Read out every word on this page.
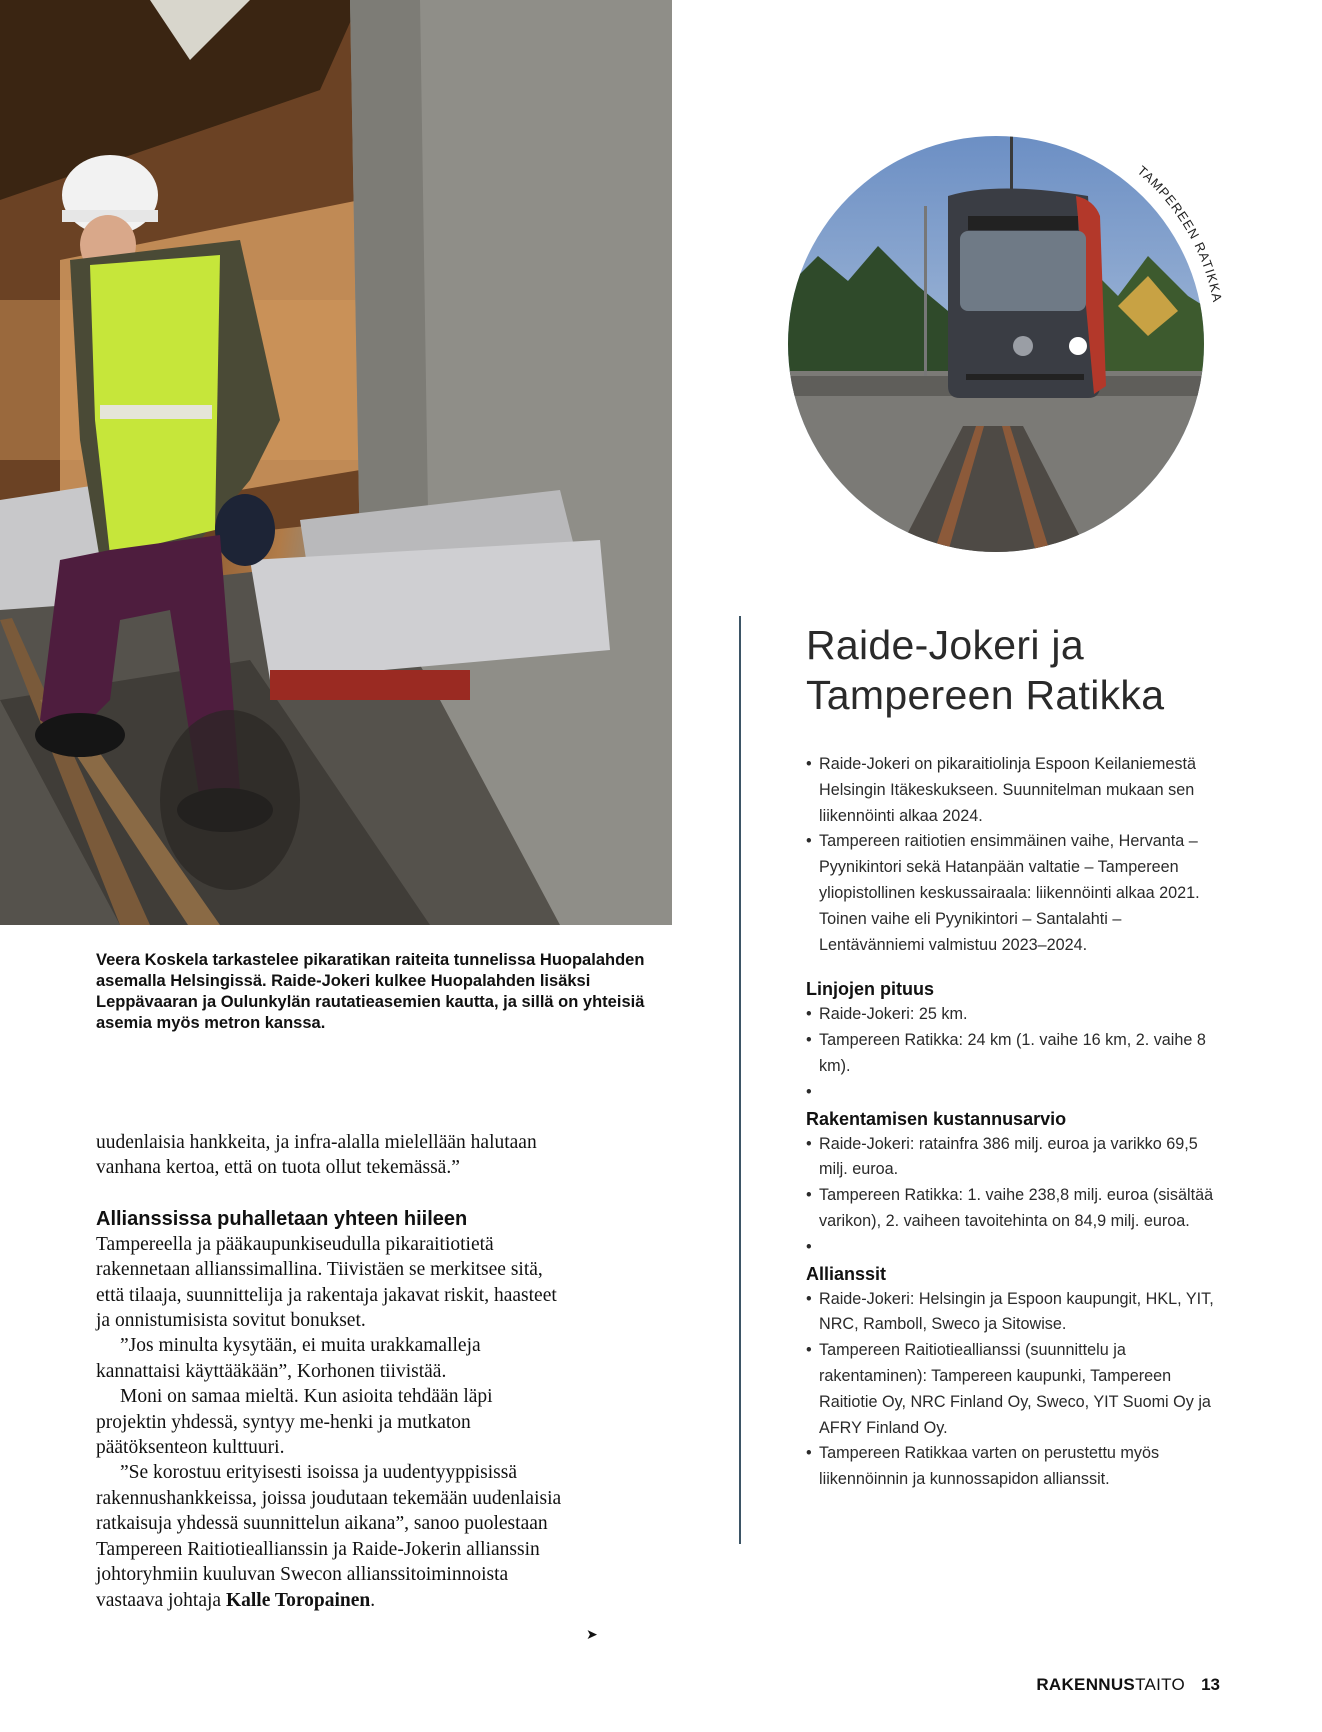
Veera Koskela tarkastelee pikaratikan raiteita tunnelissa Huopalahden asemalla Helsingissä. Raide-Jokeri kulkee Huopalahden lisäksi Leppävaaran ja Oulunkylän rautatieasemien kautta, ja sillä on yhteisiä asemia myös metron kanssa.

uudenlaisia hankkeita, ja infra-alalla mielellään halutaan vanhana kertoa, että on tuota ollut tekemässä.”

Allianssissa puhalletaan yhteen hiileen

Tampereella ja pääkaupunkiseudulla pikaraitiotietä rakennetaan allianssimallina. Tiivistäen se merkitsee sitä, että tilaaja, suunnittelija ja rakentaja jakavat riskit, haasteet ja onnistumisista sovitut bonukset.

”Jos minulta kysytään, ei muita urakkamalleja kannattaisi käyttääkään”, Korhonen tiivistää.

Moni on samaa mieltä. Kun asioita tehdään läpi projektin yhdessä, syntyy me-henki ja mutkaton päätöksenteon kulttuuri.

”Se korostuu erityisesti isoissa ja uudentyyppisissä rakennushankkeissa, joissa joudutaan tekemään uudenlaisia ratkaisuja yhdessä suunnittelun aikana”, sanoo puolestaan Tampereen Raitiotieallianssin ja Raide-Jokerin allianssin johtoryhmiin kuuluvan Swecon allianssitoiminnoista vastaava johtaja Kalle Toropainen.

➤
TAMPEREEN RATIKKA
Raide-Jokeri ja
Tampereen Ratikka
• Raide-Jokeri on pikaraitiolinja Espoon Keilaniemestä Helsingin Itäkeskukseen. Suunnitelman mukaan sen liikennöinti alkaa 2024.
• Tampereen raitiotien ensimmäinen vaihe, Hervanta – Pyynikintori sekä Hatanpään valtatie – Tampereen yliopistollinen keskussairaala: liikennöinti alkaa 2021. Toinen vaihe eli Pyynikintori – Santalahti – Lentävänniemi valmistuu 2023–2024.
Linjojen pituus
• Raide-Jokeri: 25 km.
• Tampereen Ratikka: 24 km (1. vaihe 16 km, 2. vaihe 8 km).
•
Rakentamisen kustannusarvio
• Raide-Jokeri: ratainfra 386 milj. euroa ja varikko 69,5 milj. euroa.
• Tampereen Ratikka: 1. vaihe 238,8 milj. euroa (sisältää varikon), 2. vaiheen tavoitehinta on 84,9 milj. euroa.
•
Allianssit
• Raide-Jokeri: Helsingin ja Espoon kaupungit, HKL, YIT, NRC, Ramboll, Sweco ja Sitowise.
• Tampereen Raitiotieallianssi (suunnittelu ja rakentaminen): Tampereen kaupunki, Tampereen Raitiotie Oy, NRC Finland Oy, Sweco, YIT Suomi Oy ja AFRY Finland Oy.
• Tampereen Ratikkaa varten on perustettu myös liikennöinnin ja kunnossapidon allianssit.
RAKENNUSTAITO 13
